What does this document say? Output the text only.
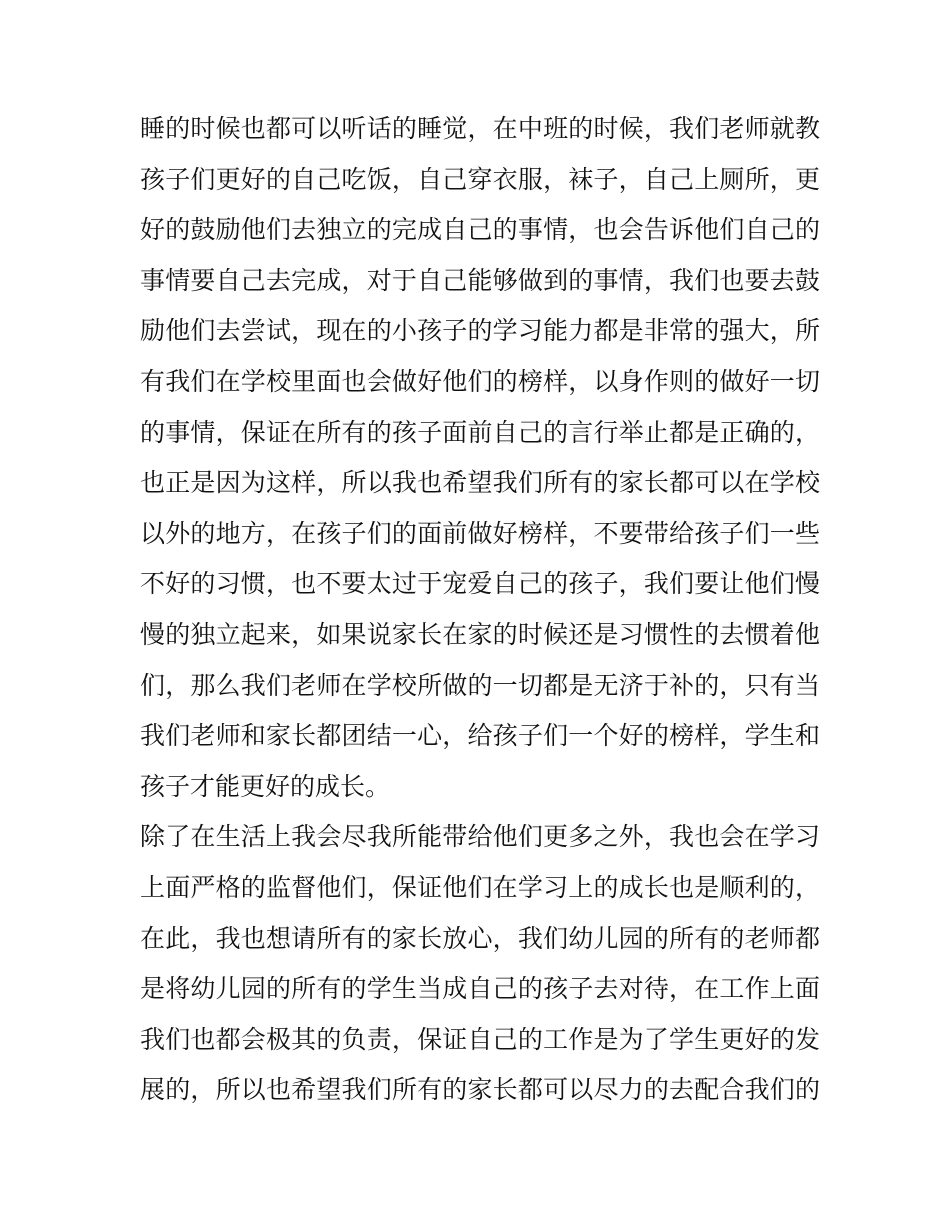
睡的时候也都可以听话的睡觉，在中班的时候，我们老师就教
孩子们更好的自己吃饭，自己穿衣服，袜子，自己上厕所，更
好的鼓励他们去独立的完成自己的事情，也会告诉他们自己的
事情要自己去完成，对于自己能够做到的事情，我们也要去鼓
励他们去尝试，现在的小孩子的学习能力都是非常的强大，所
有我们在学校里面也会做好他们的榜样，以身作则的做好一切
的事情，保证在所有的孩子面前自己的言行举止都是正确的，
也正是因为这样，所以我也希望我们所有的家长都可以在学校
以外的地方，在孩子们的面前做好榜样，不要带给孩子们一些
不好的习惯，也不要太过于宠爱自己的孩子，我们要让他们慢
慢的独立起来，如果说家长在家的时候还是习惯性的去惯着他
们，那么我们老师在学校所做的一切都是无济于补的，只有当
我们老师和家长都团结一心，给孩子们一个好的榜样，学生和
孩子才能更好的成长。
除了在生活上我会尽我所能带给他们更多之外，我也会在学习
上面严格的监督他们，保证他们在学习上的成长也是顺利的，
在此，我也想请所有的家长放心，我们幼儿园的所有的老师都
是将幼儿园的所有的学生当成自己的孩子去对待，在工作上面
我们也都会极其的负责，保证自己的工作是为了学生更好的发
展的，所以也希望我们所有的家长都可以尽力的去配合我们的
